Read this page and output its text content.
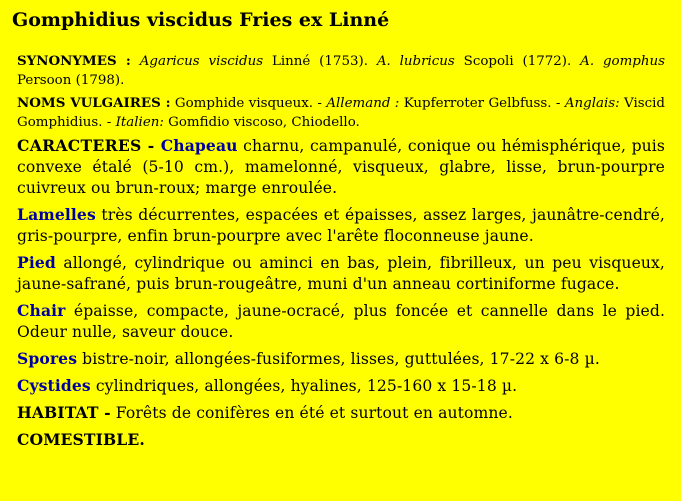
Gomphidius viscidus Fries ex Linné

SYNONYMES : Agaricus viscidus Linné (1753). A. lubricus Scopoli (1772). A. gomphus Persoon (1798).

NOMS VULGAIRES : Gomphide visqueux. - Allemand : Kupferroter Gelbfuss. - Anglais: Viscid Gomphidius. - Italien: Gomfidio viscoso, Chiodello.

CARACTERES - Chapeau charnu, campanulé, conique ou hémisphérique, puis convexe étalé (5-10 cm.), mamelonné, visqueux, glabre, lisse, brun-pourpre cuivreux ou brun-roux; marge enroulée.

Lamelles très décurrentes, espacées et épaisses, assez larges, jaunâtre-cendré, gris-pourpre, enfin brun-pourpre avec l'arête floconneuse jaune.

Pied allongé, cylindrique ou aminci en bas, plein, fibrilleux, un peu visqueux, jaune-safrané, puis brun-rougeâtre, muni d'un anneau cortiniforme fugace.

Chair épaisse, compacte, jaune-ocracé, plus foncée et cannelle dans le pied. Odeur nulle, saveur douce.

Spores bistre-noir, allongées-fusiformes, lisses, guttulées, 17-22 x 6-8 µ.

Cystides cylindriques, allongées, hyalines, 125-160 x 15-18 µ.

HABITAT - Forêts de conifères en été et surtout en automne.

COMESTIBLE.
